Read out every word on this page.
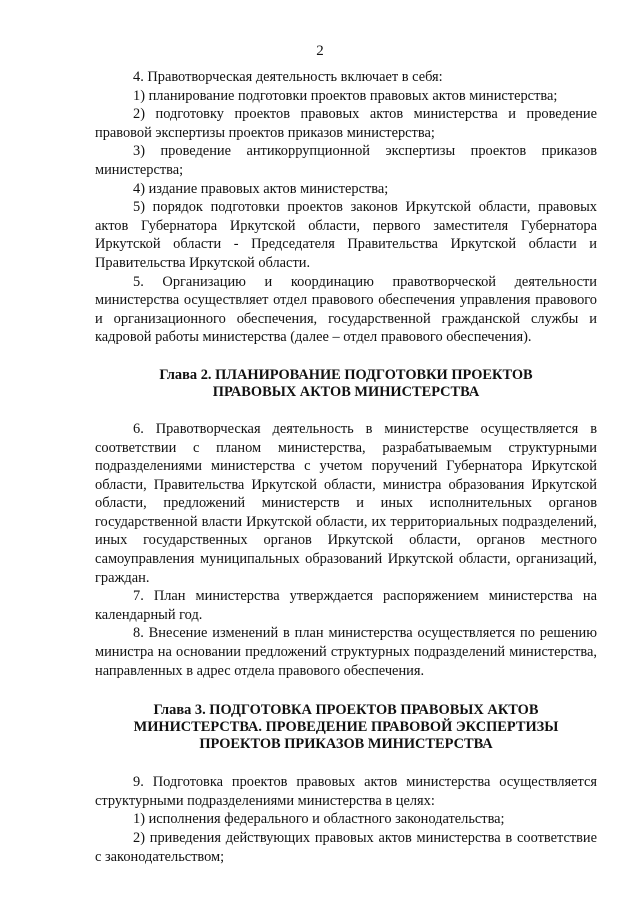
2

4. Правотворческая деятельность включает в себя:

1) планирование подготовки проектов правовых актов министерства;

2) подготовку проектов правовых актов министерства и проведение правовой экспертизы проектов приказов министерства;

3) проведение антикоррупционной экспертизы проектов приказов министерства;

4) издание правовых актов министерства;

5) порядок подготовки проектов законов Иркутской области, правовых актов Губернатора Иркутской области, первого заместителя Губернатора Иркутской области - Председателя Правительства Иркутской области и Правительства Иркутской области.

5. Организацию и координацию правотворческой деятельности министерства осуществляет отдел правового обеспечения управления правового и организационного обеспечения, государственной гражданской службы и кадровой работы министерства (далее – отдел правового обеспечения).

Глава 2. ПЛАНИРОВАНИЕ ПОДГОТОВКИ ПРОЕКТОВ
ПРАВОВЫХ АКТОВ МИНИСТЕРСТВА

6. Правотворческая деятельность в министерстве осуществляется в соответствии с планом министерства, разрабатываемым структурными подразделениями министерства с учетом поручений Губернатора Иркутской области, Правительства Иркутской области, министра образования Иркутской области, предложений министерств и иных исполнительных органов государственной власти Иркутской области, их территориальных подразделений, иных государственных органов Иркутской области, органов местного самоуправления муниципальных образований Иркутской области, организаций, граждан.

7. План министерства утверждается распоряжением министерства на календарный год.

8. Внесение изменений в план министерства осуществляется по решению министра на основании предложений структурных подразделений министерства, направленных в адрес отдела правового обеспечения.

Глава 3. ПОДГОТОВКА ПРОЕКТОВ ПРАВОВЫХ АКТОВ
МИНИСТЕРСТВА. ПРОВЕДЕНИЕ ПРАВОВОЙ ЭКСПЕРТИЗЫ
ПРОЕКТОВ ПРИКАЗОВ МИНИСТЕРСТВА

9. Подготовка проектов правовых актов министерства осуществляется структурными подразделениями министерства в целях:

1) исполнения федерального и областного законодательства;

2) приведения действующих правовых актов министерства в соответствие с законодательством;
